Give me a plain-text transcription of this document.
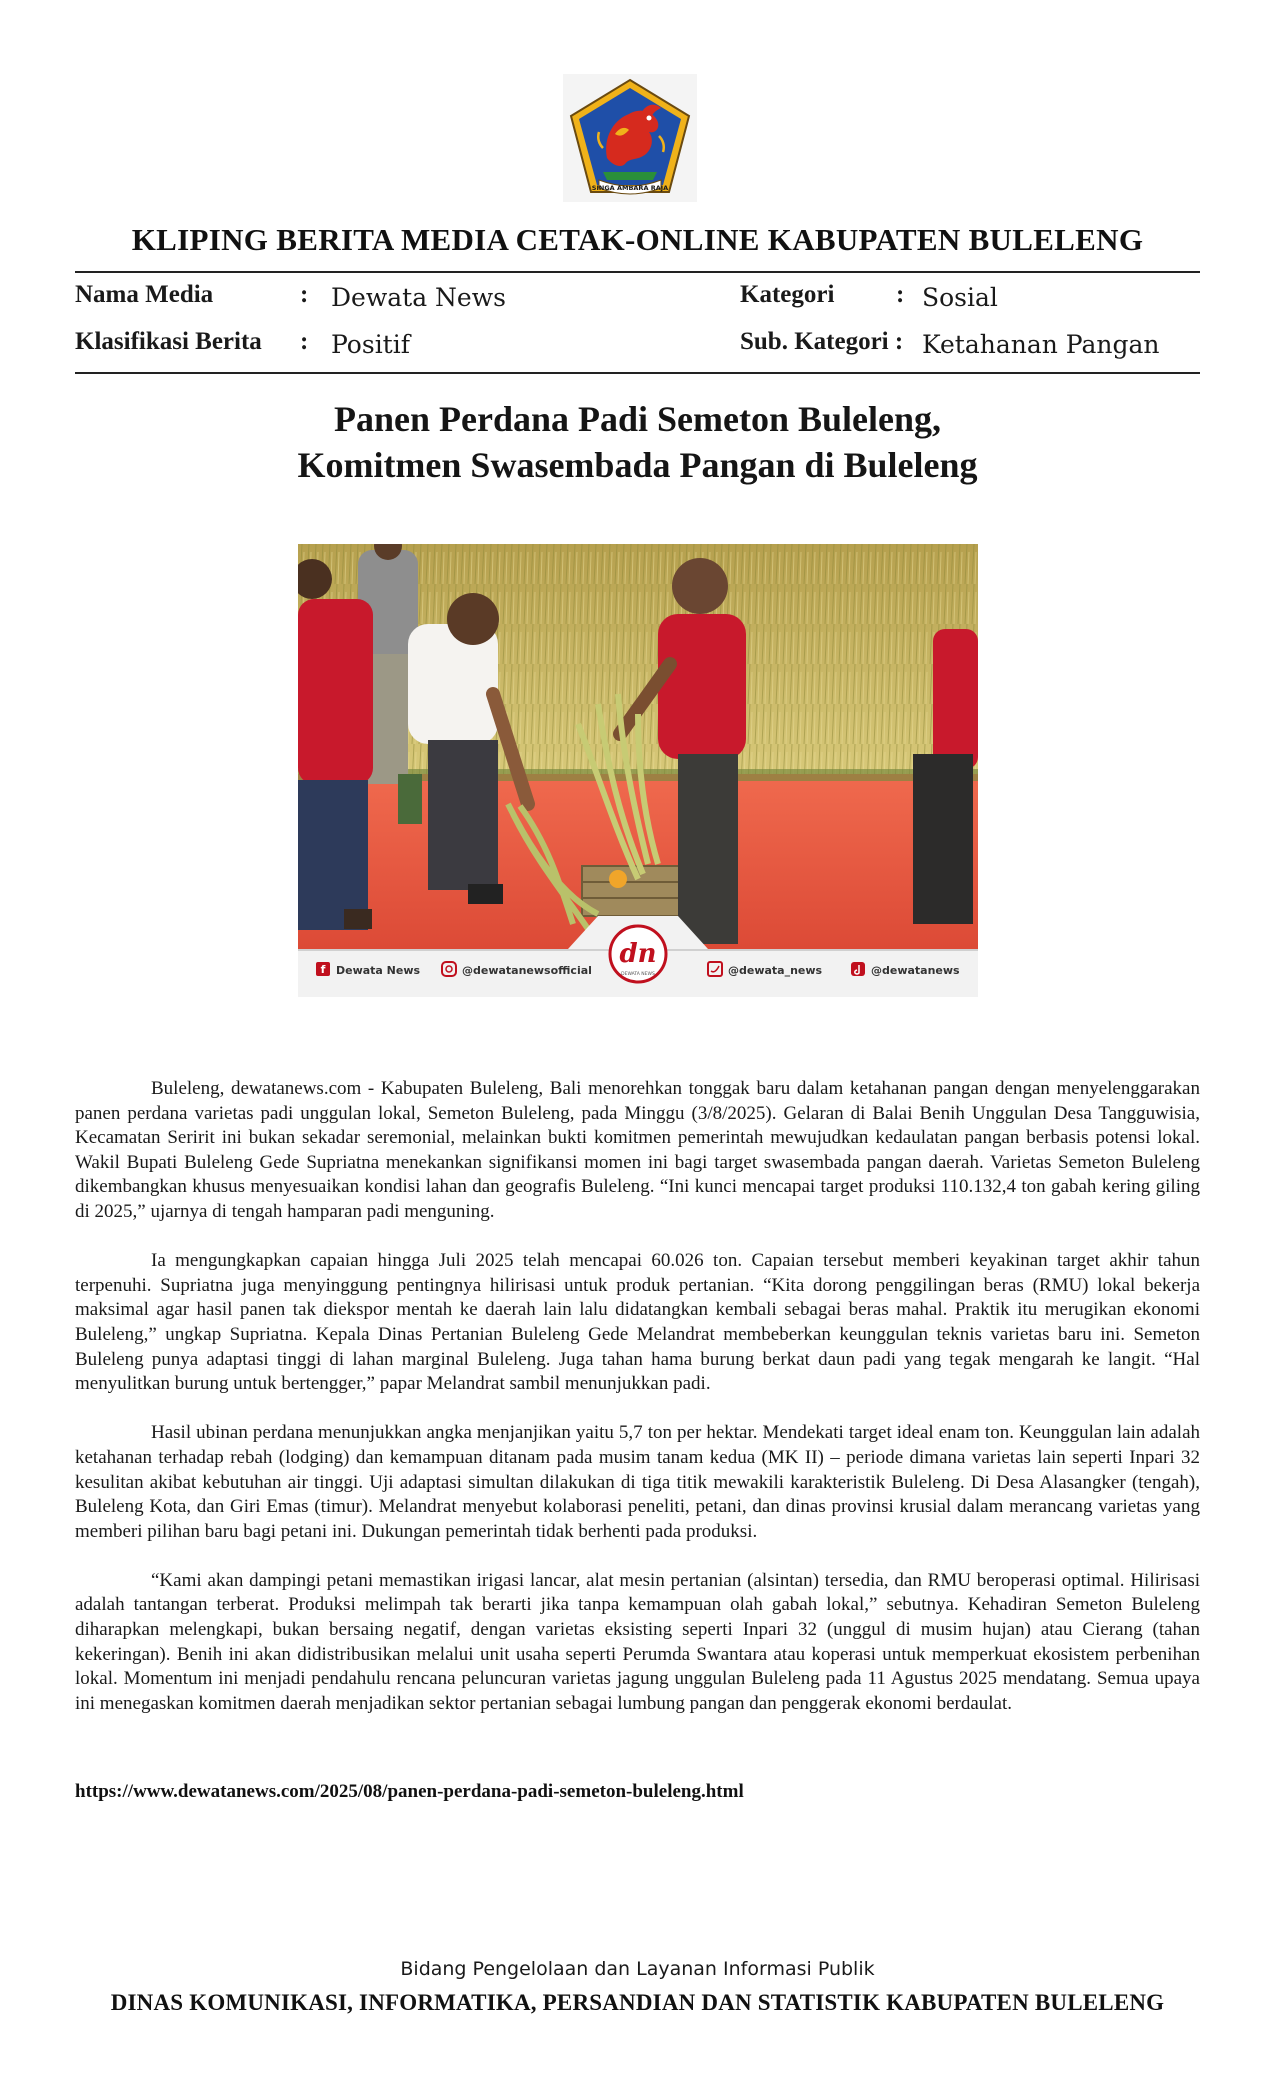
SINGA AMBARA RAJA
KLIPING BERITA MEDIA CETAK-ONLINE KABUPATEN BULELENG
Nama Media	: Dewata News
Klasifikasi Berita : Positif
Kategori : Sosial
Sub. Kategori : Ketahanan Pangan
Panen Perdana Padi Semeton Buleleng,
Komitmen Swasembada Pangan di Buleleng
dn
DEWATA NEWS
f Dewata News	@dewatanewsofficial	@dewata_news	@dewatanews

Buleleng, dewatanews.com - Kabupaten Buleleng, Bali menorehkan tonggak baru dalam ketahanan pangan dengan menyelenggarakan panen perdana varietas padi unggulan lokal, Semeton Buleleng, pada Minggu (3/8/2025). Gelaran di Balai Benih Unggulan Desa Tangguwisia, Kecamatan Seririt ini bukan sekadar seremonial, melainkan bukti komitmen pemerintah mewujudkan kedaulatan pangan berbasis potensi lokal. Wakil Bupati Buleleng Gede Supriatna menekankan signifikansi momen ini bagi target swasembada pangan daerah. Varietas Semeton Buleleng dikembangkan khusus menyesuaikan kondisi lahan dan geografis Buleleng. “Ini kunci mencapai target produksi 110.132,4 ton gabah kering giling di 2025,” ujarnya di tengah hamparan padi menguning.

Ia mengungkapkan capaian hingga Juli 2025 telah mencapai 60.026 ton. Capaian tersebut memberi keyakinan target akhir tahun terpenuhi. Supriatna juga menyinggung pentingnya hilirisasi untuk produk pertanian. “Kita dorong penggilingan beras (RMU) lokal bekerja maksimal agar hasil panen tak diekspor mentah ke daerah lain lalu didatangkan kembali sebagai beras mahal. Praktik itu merugikan ekonomi Buleleng,” ungkap Supriatna. Kepala Dinas Pertanian Buleleng Gede Melandrat membeberkan keunggulan teknis varietas baru ini. Semeton Buleleng punya adaptasi tinggi di lahan marginal Buleleng. Juga tahan hama burung berkat daun padi yang tegak mengarah ke langit. “Hal menyulitkan burung untuk bertengger,” papar Melandrat sambil menunjukkan padi.

Hasil ubinan perdana menunjukkan angka menjanjikan yaitu 5,7 ton per hektar. Mendekati target ideal enam ton. Keunggulan lain adalah ketahanan terhadap rebah (lodging) dan kemampuan ditanam pada musim tanam kedua (MK II) – periode dimana varietas lain seperti Inpari 32 kesulitan akibat kebutuhan air tinggi. Uji adaptasi simultan dilakukan di tiga titik mewakili karakteristik Buleleng. Di Desa Alasangker (tengah), Buleleng Kota, dan Giri Emas (timur). Melandrat menyebut kolaborasi peneliti, petani, dan dinas provinsi krusial dalam merancang varietas yang memberi pilihan baru bagi petani ini. Dukungan pemerintah tidak berhenti pada produksi.

“Kami akan dampingi petani memastikan irigasi lancar, alat mesin pertanian (alsintan) tersedia, dan RMU beroperasi optimal. Hilirisasi adalah tantangan terberat. Produksi melimpah tak berarti jika tanpa kemampuan olah gabah lokal,” sebutnya. Kehadiran Semeton Buleleng diharapkan melengkapi, bukan bersaing negatif, dengan varietas eksisting seperti Inpari 32 (unggul di musim hujan) atau Cierang (tahan kekeringan). Benih ini akan didistribusikan melalui unit usaha seperti Perumda Swantara atau koperasi untuk memperkuat ekosistem perbenihan lokal. Momentum ini menjadi pendahulu rencana peluncuran varietas jagung unggulan Buleleng pada 11 Agustus 2025 mendatang. Semua upaya ini menegaskan komitmen daerah menjadikan sektor pertanian sebagai lumbung pangan dan penggerak ekonomi berdaulat.

https://www.dewatanews.com/2025/08/panen-perdana-padi-semeton-buleleng.html
Bidang Pengelolaan dan Layanan Informasi Publik
DINAS KOMUNIKASI, INFORMATIKA, PERSANDIAN DAN STATISTIK KABUPATEN BULELENG
